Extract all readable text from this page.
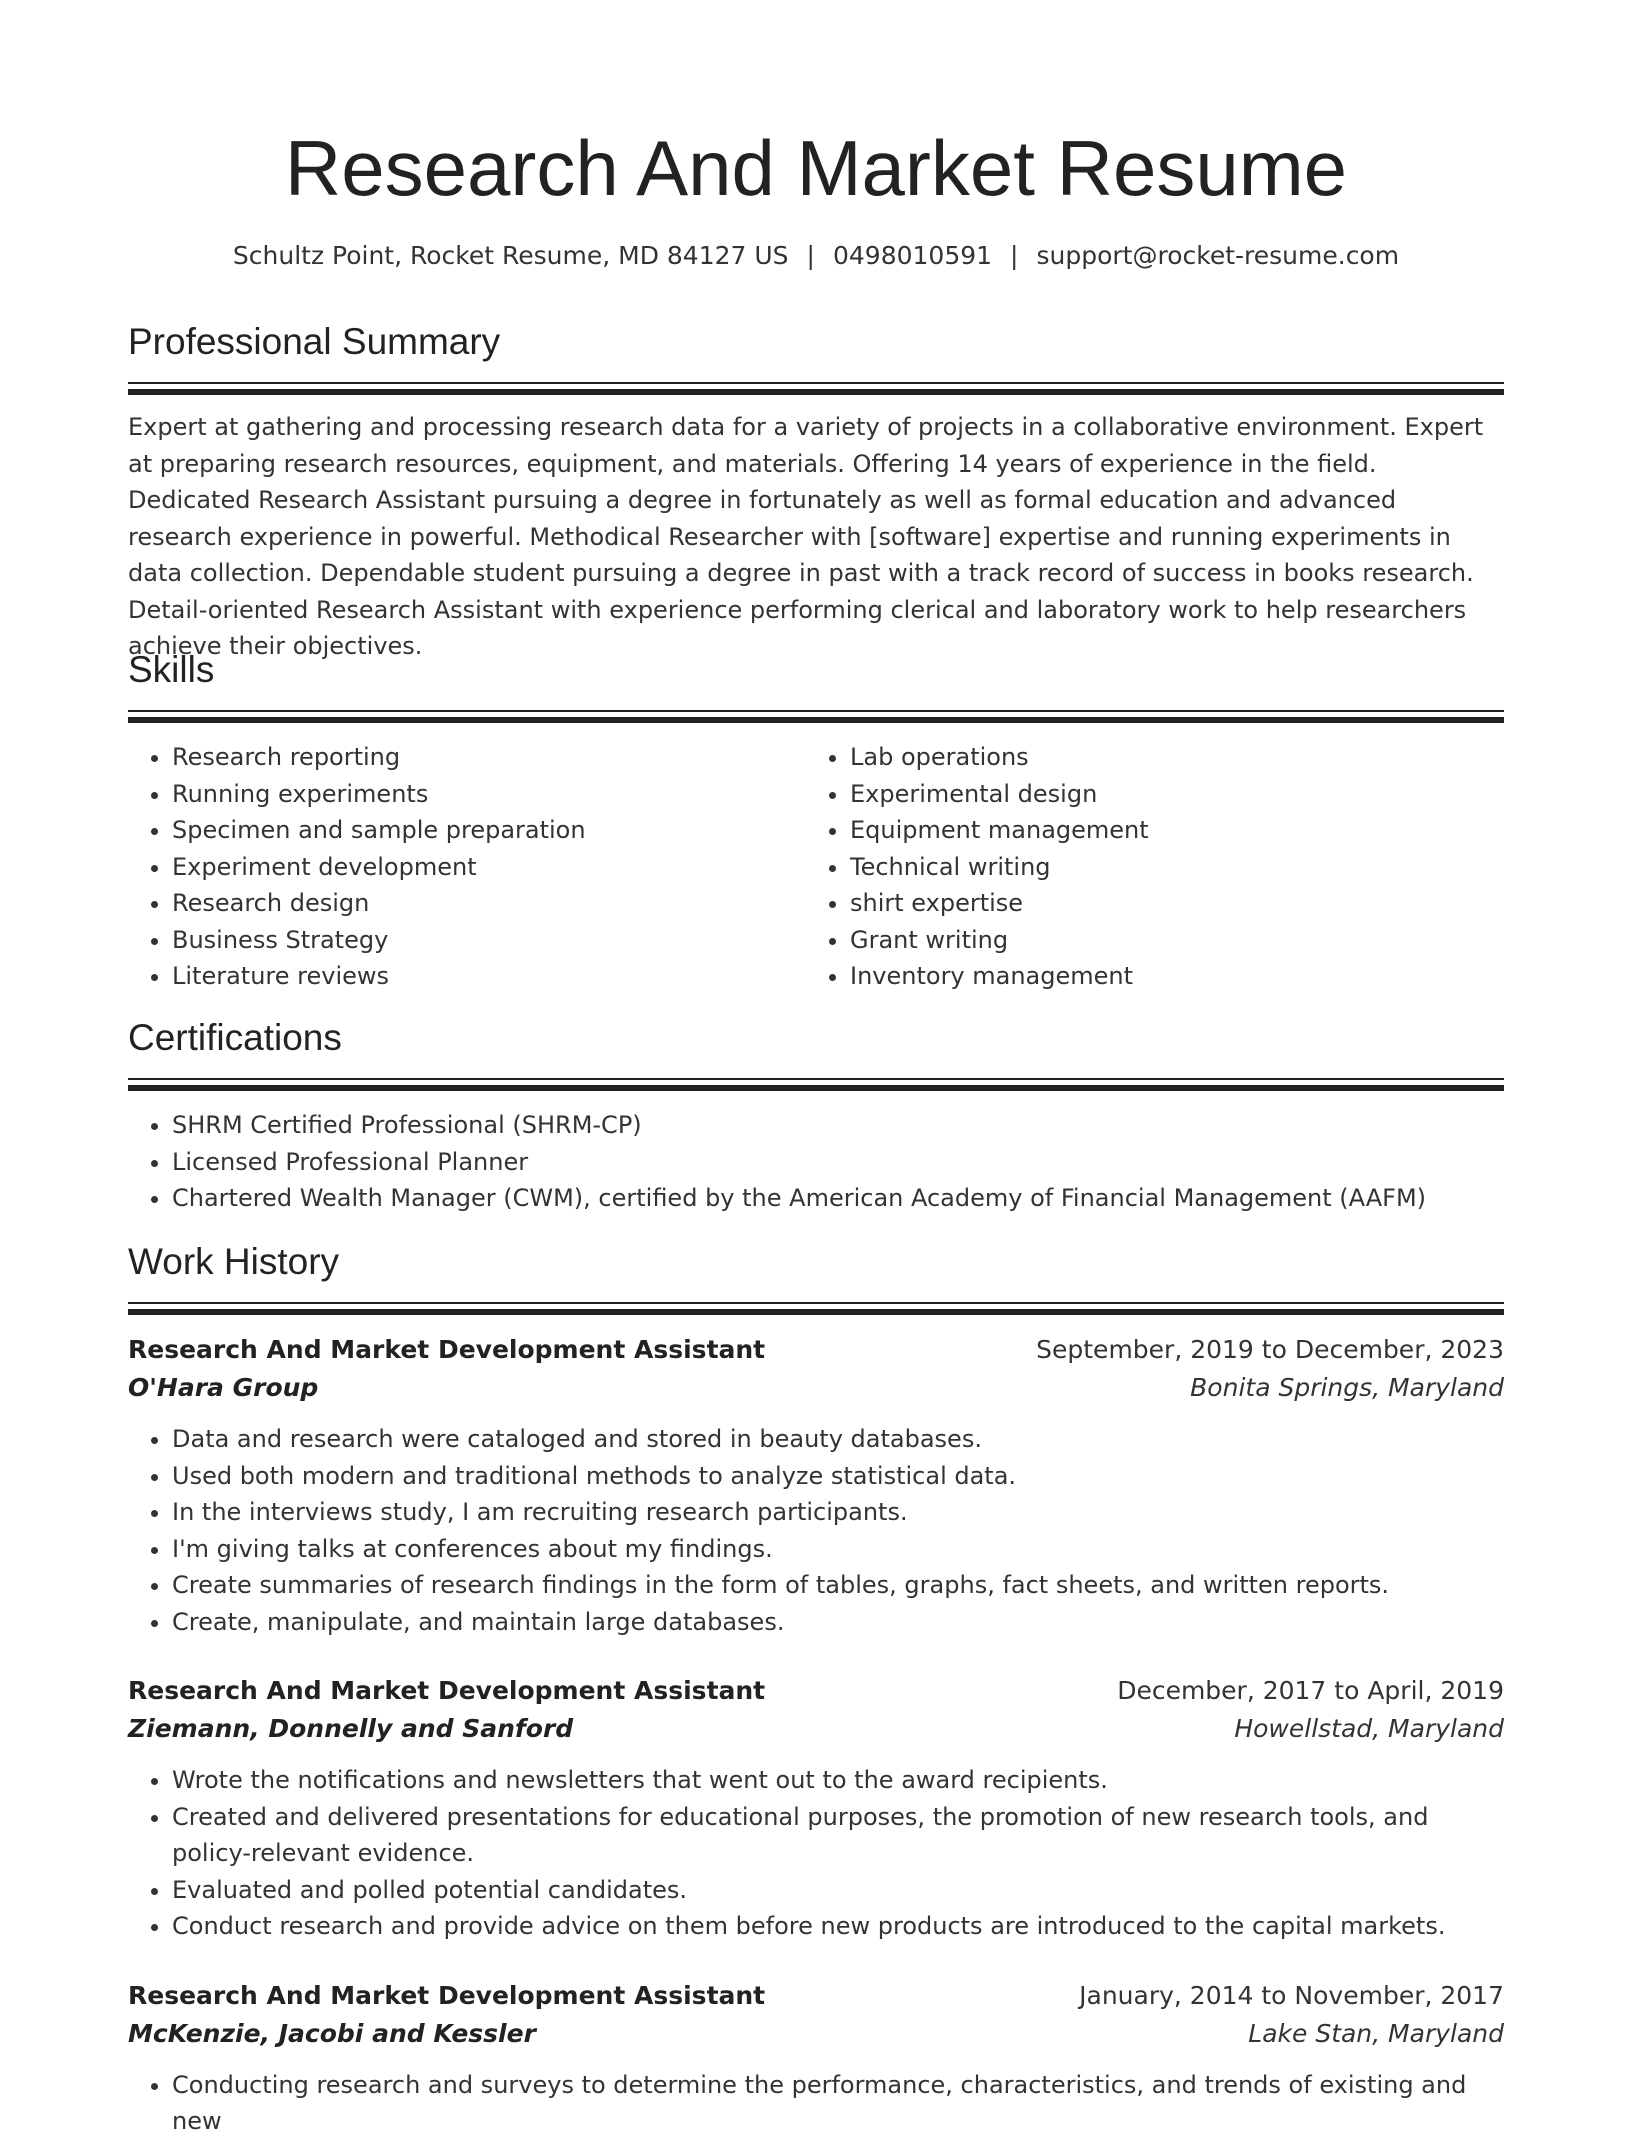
Research And Market Resume
Schultz Point, Rocket Resume, MD 84127 US | 0498010591 | support@rocket-resume.com
Professional Summary
Expert at gathering and processing research data for a variety of projects in a collaborative environment. Expert at preparing research resources, equipment, and materials. Offering 14 years of experience in the field. Dedicated Research Assistant pursuing a degree in fortunately as well as formal education and advanced research experience in powerful. Methodical Researcher with [software] expertise and running experiments in data collection. Dependable student pursuing a degree in past with a track record of success in books research. Detail-oriented Research Assistant with experience performing clerical and laboratory work to help researchers achieve their objectives.
Skills
• Research reporting
• Running experiments
• Specimen and sample preparation
• Experiment development
• Research design
• Business Strategy
• Literature reviews
• Lab operations
• Experimental design
• Equipment management
• Technical writing
• shirt expertise
• Grant writing
• Inventory management
Certifications
• SHRM Certified Professional (SHRM-CP)
• Licensed Professional Planner
• Chartered Wealth Manager (CWM), certified by the American Academy of Financial Management (AAFM)
Work History
Research And Market Development Assistant	September, 2019 to December, 2023
O'Hara Group	Bonita Springs, Maryland
• Data and research were cataloged and stored in beauty databases.
• Used both modern and traditional methods to analyze statistical data.
• In the interviews study, I am recruiting research participants.
• I'm giving talks at conferences about my findings.
• Create summaries of research findings in the form of tables, graphs, fact sheets, and written reports.
• Create, manipulate, and maintain large databases.
Research And Market Development Assistant	December, 2017 to April, 2019
Ziemann, Donnelly and Sanford	Howellstad, Maryland
• Wrote the notifications and newsletters that went out to the award recipients.
• Created and delivered presentations for educational purposes, the promotion of new research tools, and policy-relevant evidence.
• Evaluated and polled potential candidates.
• Conduct research and provide advice on them before new products are introduced to the capital markets.
Research And Market Development Assistant	January, 2014 to November, 2017
McKenzie, Jacobi and Kessler	Lake Stan, Maryland
• Conducting research and surveys to determine the performance, characteristics, and trends of existing and new
